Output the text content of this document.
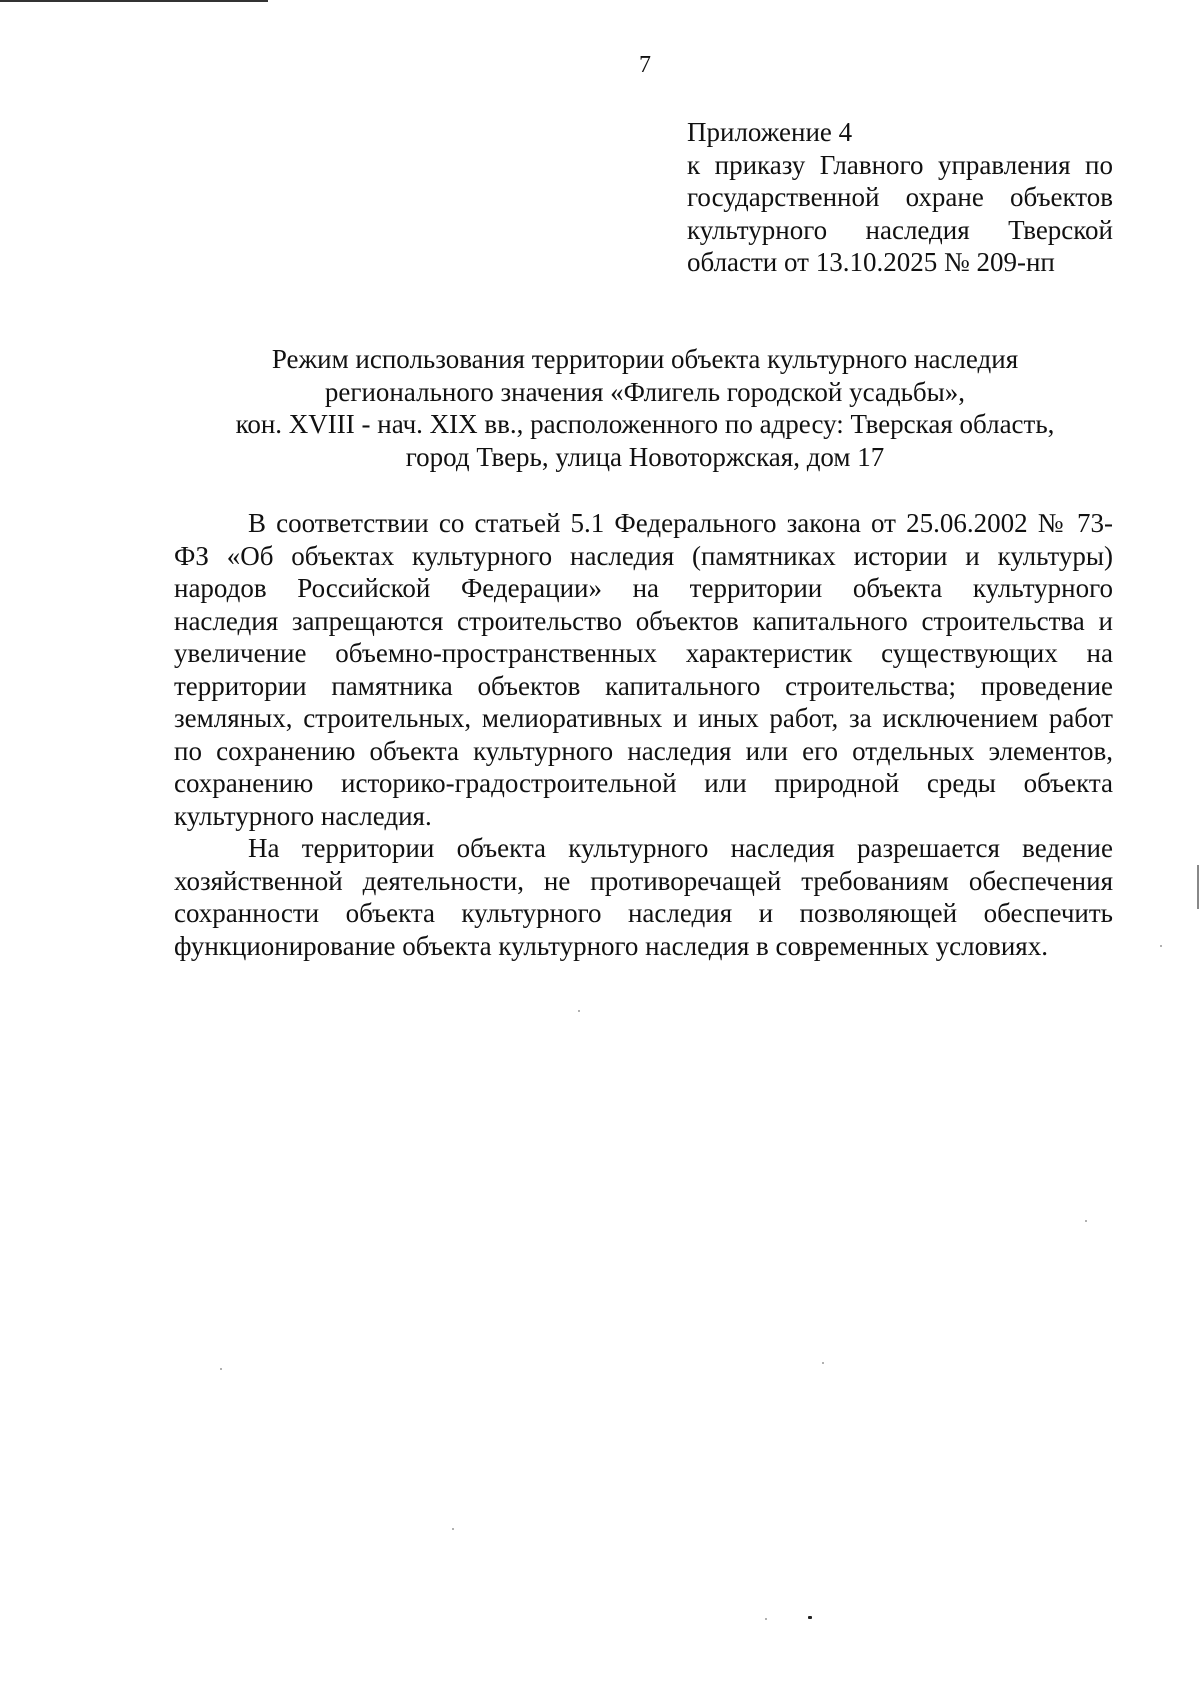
7
Приложение 4
к приказу Главного управления по
государственной охране объектов
культурного наследия Тверской
области от 13.10.2025 № 209-нп
Режим использования территории объекта культурного наследия
регионального значения «Флигель городской усадьбы»,
кон. XVIII - нач. XIX вв., расположенного по адресу: Тверская область,
город Тверь, улица Новоторжская, дом 17
В соответствии со статьей 5.1 Федерального закона от 25.06.2002 № 73-
ФЗ «Об объектах культурного наследия (памятниках истории и культуры)
народов Российской Федерации» на территории объекта культурного
наследия запрещаются строительство объектов капитального строительства и
увеличение объемно-пространственных характеристик существующих на
территории памятника объектов капитального строительства; проведение
земляных, строительных, мелиоративных и иных работ, за исключением работ
по сохранению объекта культурного наследия или его отдельных элементов,
сохранению историко-градостроительной или природной среды объекта
культурного наследия.
На территории объекта культурного наследия разрешается ведение
хозяйственной деятельности, не противоречащей требованиям обеспечения
сохранности объекта культурного наследия и позволяющей обеспечить
функционирование объекта культурного наследия в современных условиях.
